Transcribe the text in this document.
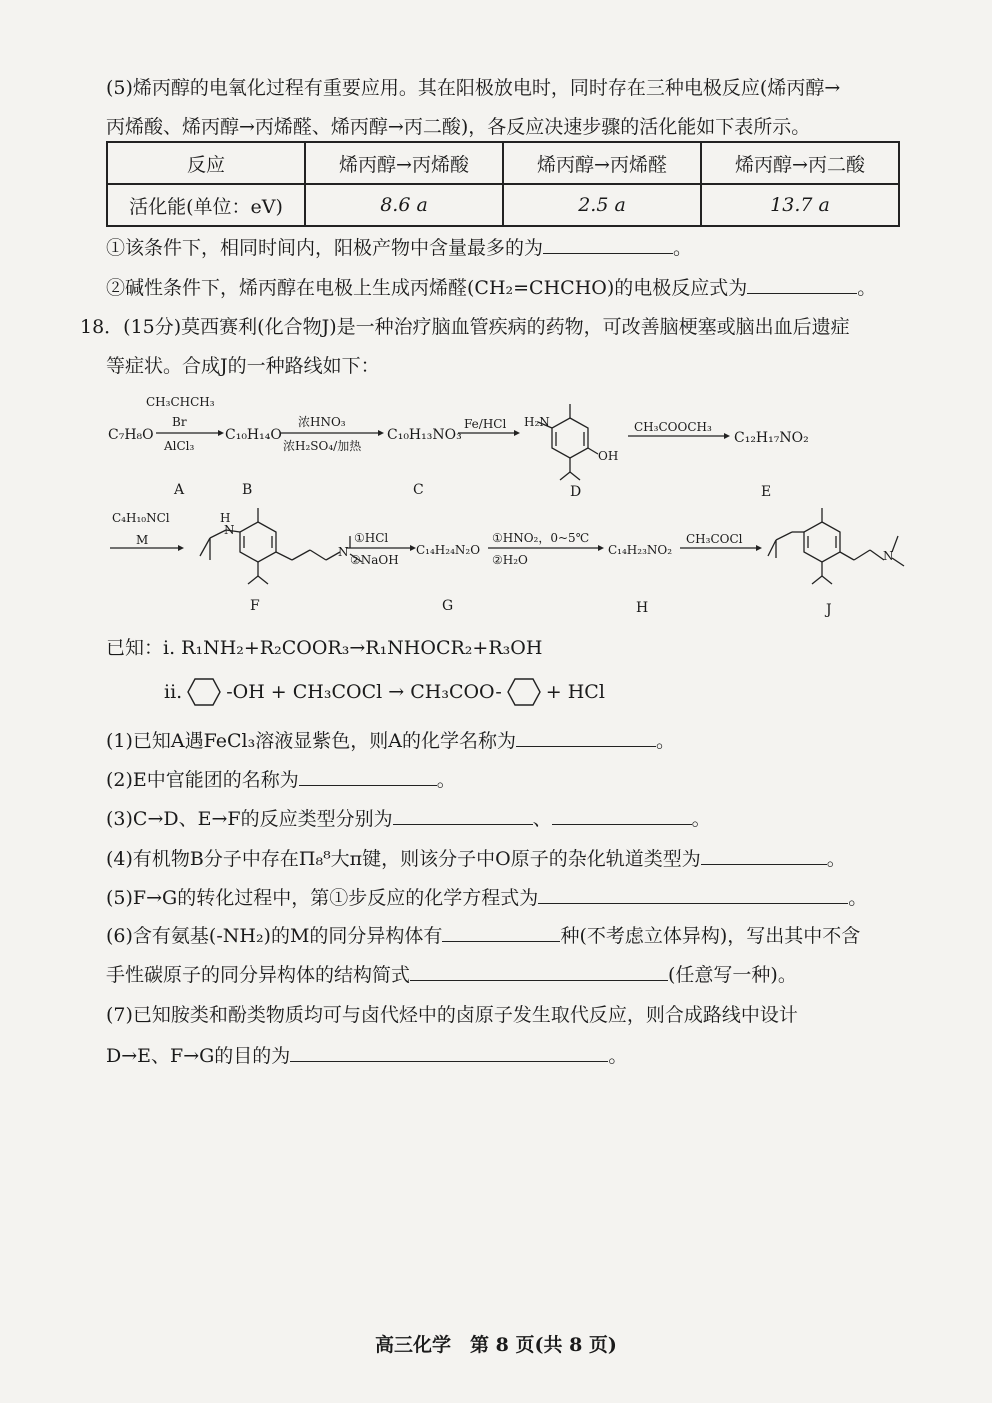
(5)烯丙醇的电氧化过程有重要应用。其在阳极放电时，同时存在三种电极反应(烯丙醇→
丙烯酸、烯丙醇→丙烯醛、烯丙醇→丙二酸)，各反应决速步骤的活化能如下表所示。
反应	烯丙醇→丙烯酸	烯丙醇→丙烯醛	烯丙醇→丙二酸
活化能(单位：eV)	8.6 a	2.5 a	13.7 a
①该条件下，相同时间内，阳极产物中含量最多的为	。
②碱性条件下，烯丙醇在电极上生成丙烯醛(CH₂=CHCHO)的电极反应式为	。
18．(15分)莫西赛利(化合物J)是一种治疗脑血管疾病的药物，可改善脑梗塞或脑出血后遗症
等症状。合成J的一种路线如下：
C₇H₈O
CH₃CHCH₃
Br
AlCl₃
C₁₀H₁₄O
浓HNO₃
浓H₂SO₄/加热
C₁₀H₁₃NO₃
Fe/HCl H₂N
OH
CH₃COOCH₃
C₁₂H₁₇NO₂
A	B	C	D	E
C₄H₁₀NCl
M
H
N
N
①HCl
②NaOH
C₁₄H₂₄N₂O
①HNO₂，0~5℃
②H₂O
C₁₄H₂₃NO₂
CH₃COCl
N
F	G	H	J
已知：i. R₁NH₂+R₂COOR₃→R₁NHOCR₂+R₃OH
ii. -OH + CH₃COCl → CH₃COO- + HCl
(1)已知A遇FeCl₃溶液显紫色，则A的化学名称为	。
(2)E中官能团的名称为	。
(3)C→D、E→F的反应类型分别为	、	。
(4)有机物B分子中存在Π₈⁸大π键，则该分子中O原子的杂化轨道类型为	。
(5)F→G的转化过程中，第①步反应的化学方程式为	。
(6)含有氨基(-NH₂)的M的同分异构体有	种(不考虑立体异构)，写出其中不含
手性碳原子的同分异构体的结构简式	(任意写一种)。
(7)已知胺类和酚类物质均可与卤代烃中的卤原子发生取代反应，则合成路线中设计
D→E、F→G的目的为	。
高三化学　第 8 页(共 8 页)
